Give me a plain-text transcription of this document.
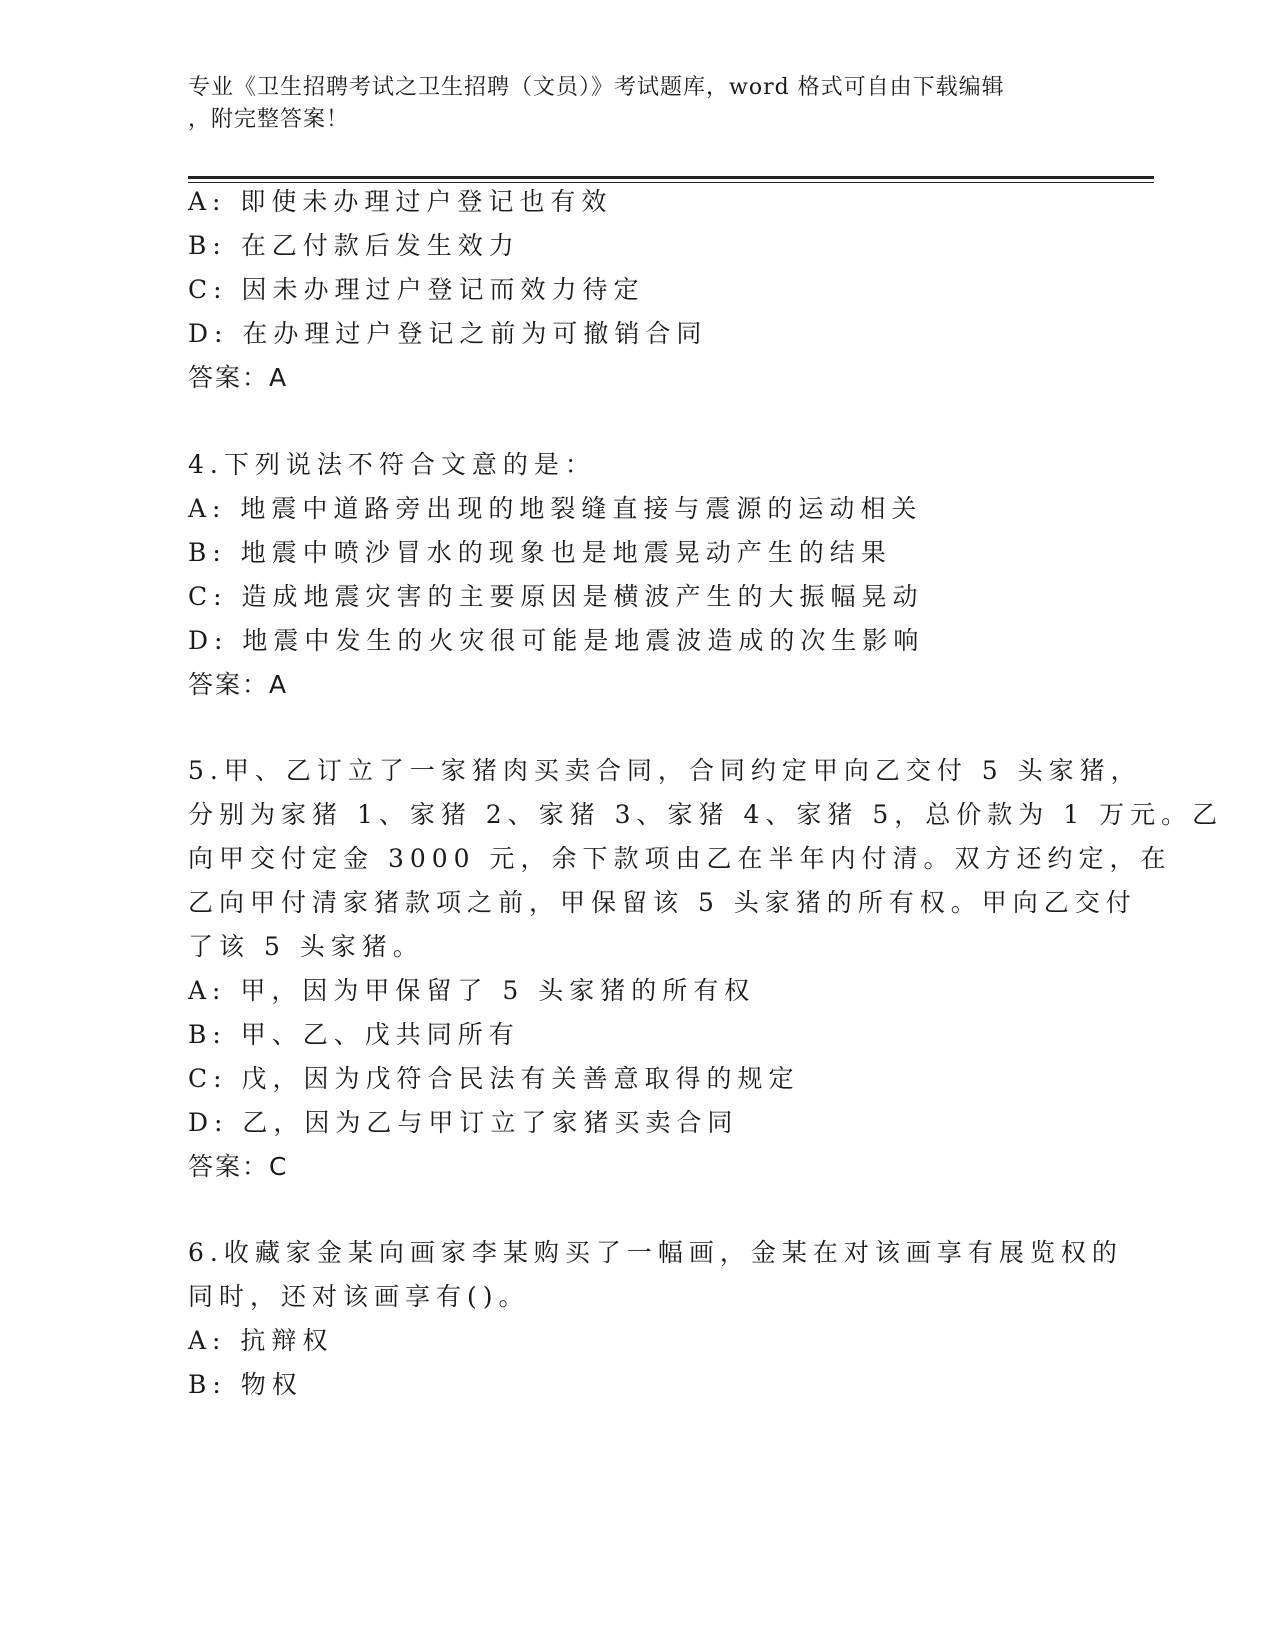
专业《卫生招聘考试之卫生招聘（文员）》考试题库，word 格式可自由下载编辑
，附完整答案！
A: 即使未办理过户登记也有效
B: 在乙付款后发生效力
C: 因未办理过户登记而效力待定
D: 在办理过户登记之前为可撤销合同
答案：A
4.下列说法不符合文意的是：
A: 地震中道路旁出现的地裂缝直接与震源的运动相关
B: 地震中喷沙冒水的现象也是地震晃动产生的结果
C: 造成地震灾害的主要原因是横波产生的大振幅晃动
D: 地震中发生的火灾很可能是地震波造成的次生影响
答案：A
5.甲、乙订立了一家猪肉买卖合同，合同约定甲向乙交付 5 头家猪，
分别为家猪 1、家猪 2、家猪 3、家猪 4、家猪 5，总价款为 1 万元。乙
向甲交付定金 3000 元，余下款项由乙在半年内付清。双方还约定，在
乙向甲付清家猪款项之前，甲保留该 5 头家猪的所有权。甲向乙交付
了该 5 头家猪。
A: 甲，因为甲保留了 5 头家猪的所有权
B: 甲、乙、戊共同所有
C: 戊，因为戊符合民法有关善意取得的规定
D: 乙，因为乙与甲订立了家猪买卖合同
答案：C
6.收藏家金某向画家李某购买了一幅画，金某在对该画享有展览权的
同时，还对该画享有()。
A: 抗辩权
B: 物权
